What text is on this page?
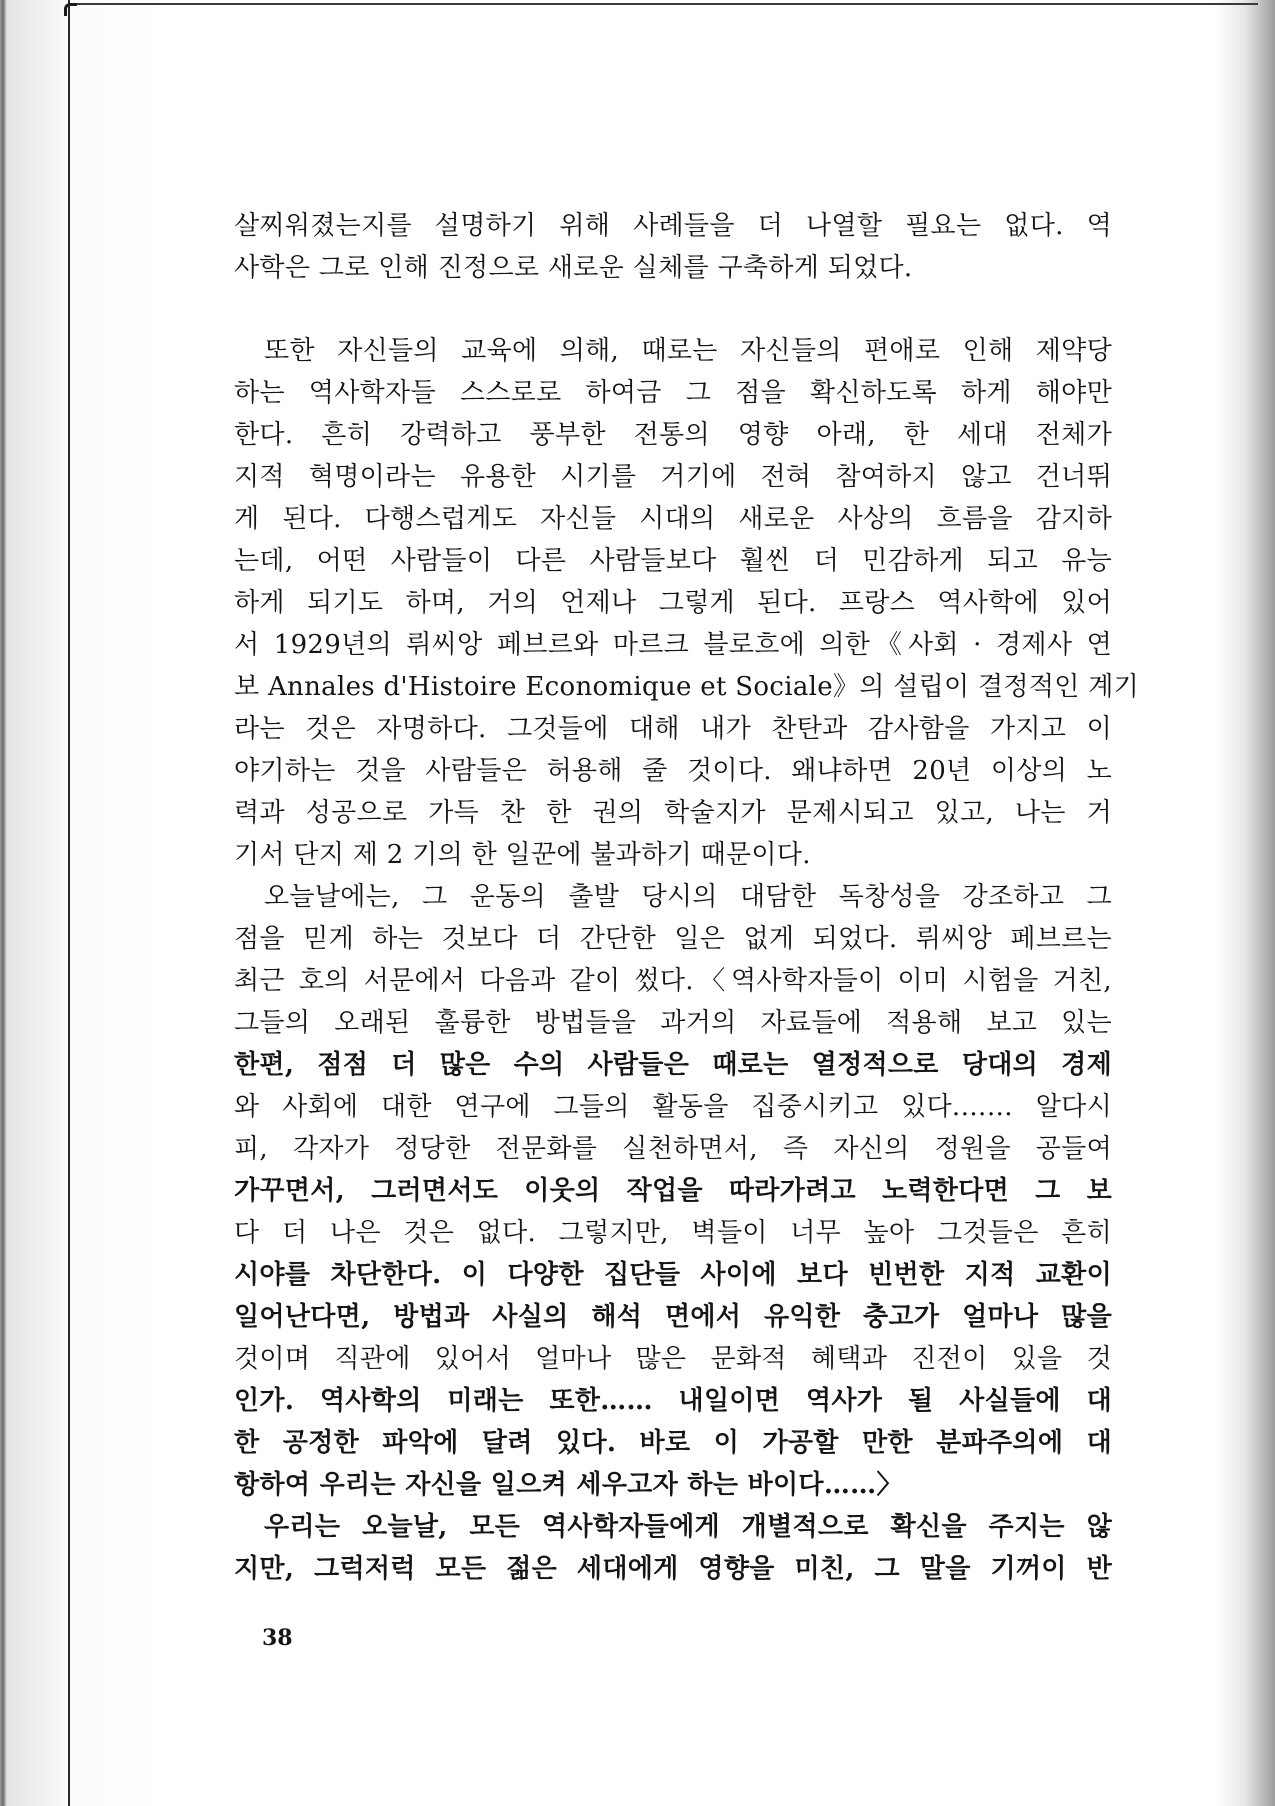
살찌워졌는지를 설명하기 위해 사례들을 더 나열할 필요는 없다. 역
사학은 그로 인해 진정으로 새로운 실체를 구축하게 되었다.
또한 자신들의 교육에 의해, 때로는 자신들의 편애로 인해 제약당
하는 역사학자들 스스로로 하여금 그 점을 확신하도록 하게 해야만
한다. 흔히 강력하고 풍부한 전통의 영향 아래, 한 세대 전체가
지적 혁명이라는 유용한 시기를 거기에 전혀 참여하지 않고 건너뛰
게 된다. 다행스럽게도 자신들 시대의 새로운 사상의 흐름을 감지하
는데, 어떤 사람들이 다른 사람들보다 훨씬 더 민감하게 되고 유능
하게 되기도 하며, 거의 언제나 그렇게 된다. 프랑스 역사학에 있어
서 1929년의 뤼씨앙 페브르와 마르크 블로흐에 의한《사회 · 경제사 연
보 Annales d'Histoire Economique et Sociale》의 설립이 결정적인 계기
라는 것은 자명하다. 그것들에 대해 내가 찬탄과 감사함을 가지고 이
야기하는 것을 사람들은 허용해 줄 것이다. 왜냐하면 20년 이상의 노
력과 성공으로 가득 찬 한 권의 학술지가 문제시되고 있고, 나는 거
기서 단지 제 2 기의 한 일꾼에 불과하기 때문이다.
오늘날에는, 그 운동의 출발 당시의 대담한 독창성을 강조하고 그
점을 믿게 하는 것보다 더 간단한 일은 없게 되었다. 뤼씨앙 페브르는
최근 호의 서문에서 다음과 같이 썼다.〈역사학자들이 이미 시험을 거친,
그들의 오래된 훌륭한 방법들을 과거의 자료들에 적용해 보고 있는
한편, 점점 더 많은 수의 사람들은 때로는 열정적으로 당대의 경제
와 사회에 대한 연구에 그들의 활동을 집중시키고 있다.…… 알다시
피, 각자가 정당한 전문화를 실천하면서, 즉 자신의 정원을 공들여
가꾸면서, 그러면서도 이웃의 작업을 따라가려고 노력한다면 그 보
다 더 나은 것은 없다. 그렇지만, 벽들이 너무 높아 그것들은 흔히
시야를 차단한다. 이 다양한 집단들 사이에 보다 빈번한 지적 교환이
일어난다면, 방법과 사실의 해석 면에서 유익한 충고가 얼마나 많을
것이며 직관에 있어서 얼마나 많은 문화적 혜택과 진전이 있을 것
인가. 역사학의 미래는 또한…… 내일이면 역사가 될 사실들에 대
한 공정한 파악에 달려 있다. 바로 이 가공할 만한 분파주의에 대
항하여 우리는 자신을 일으켜 세우고자 하는 바이다……〉
우리는 오늘날, 모든 역사학자들에게 개별적으로 확신을 주지는 않
지만, 그럭저럭 모든 젊은 세대에게 영향을 미친, 그 말을 기꺼이 반
38
